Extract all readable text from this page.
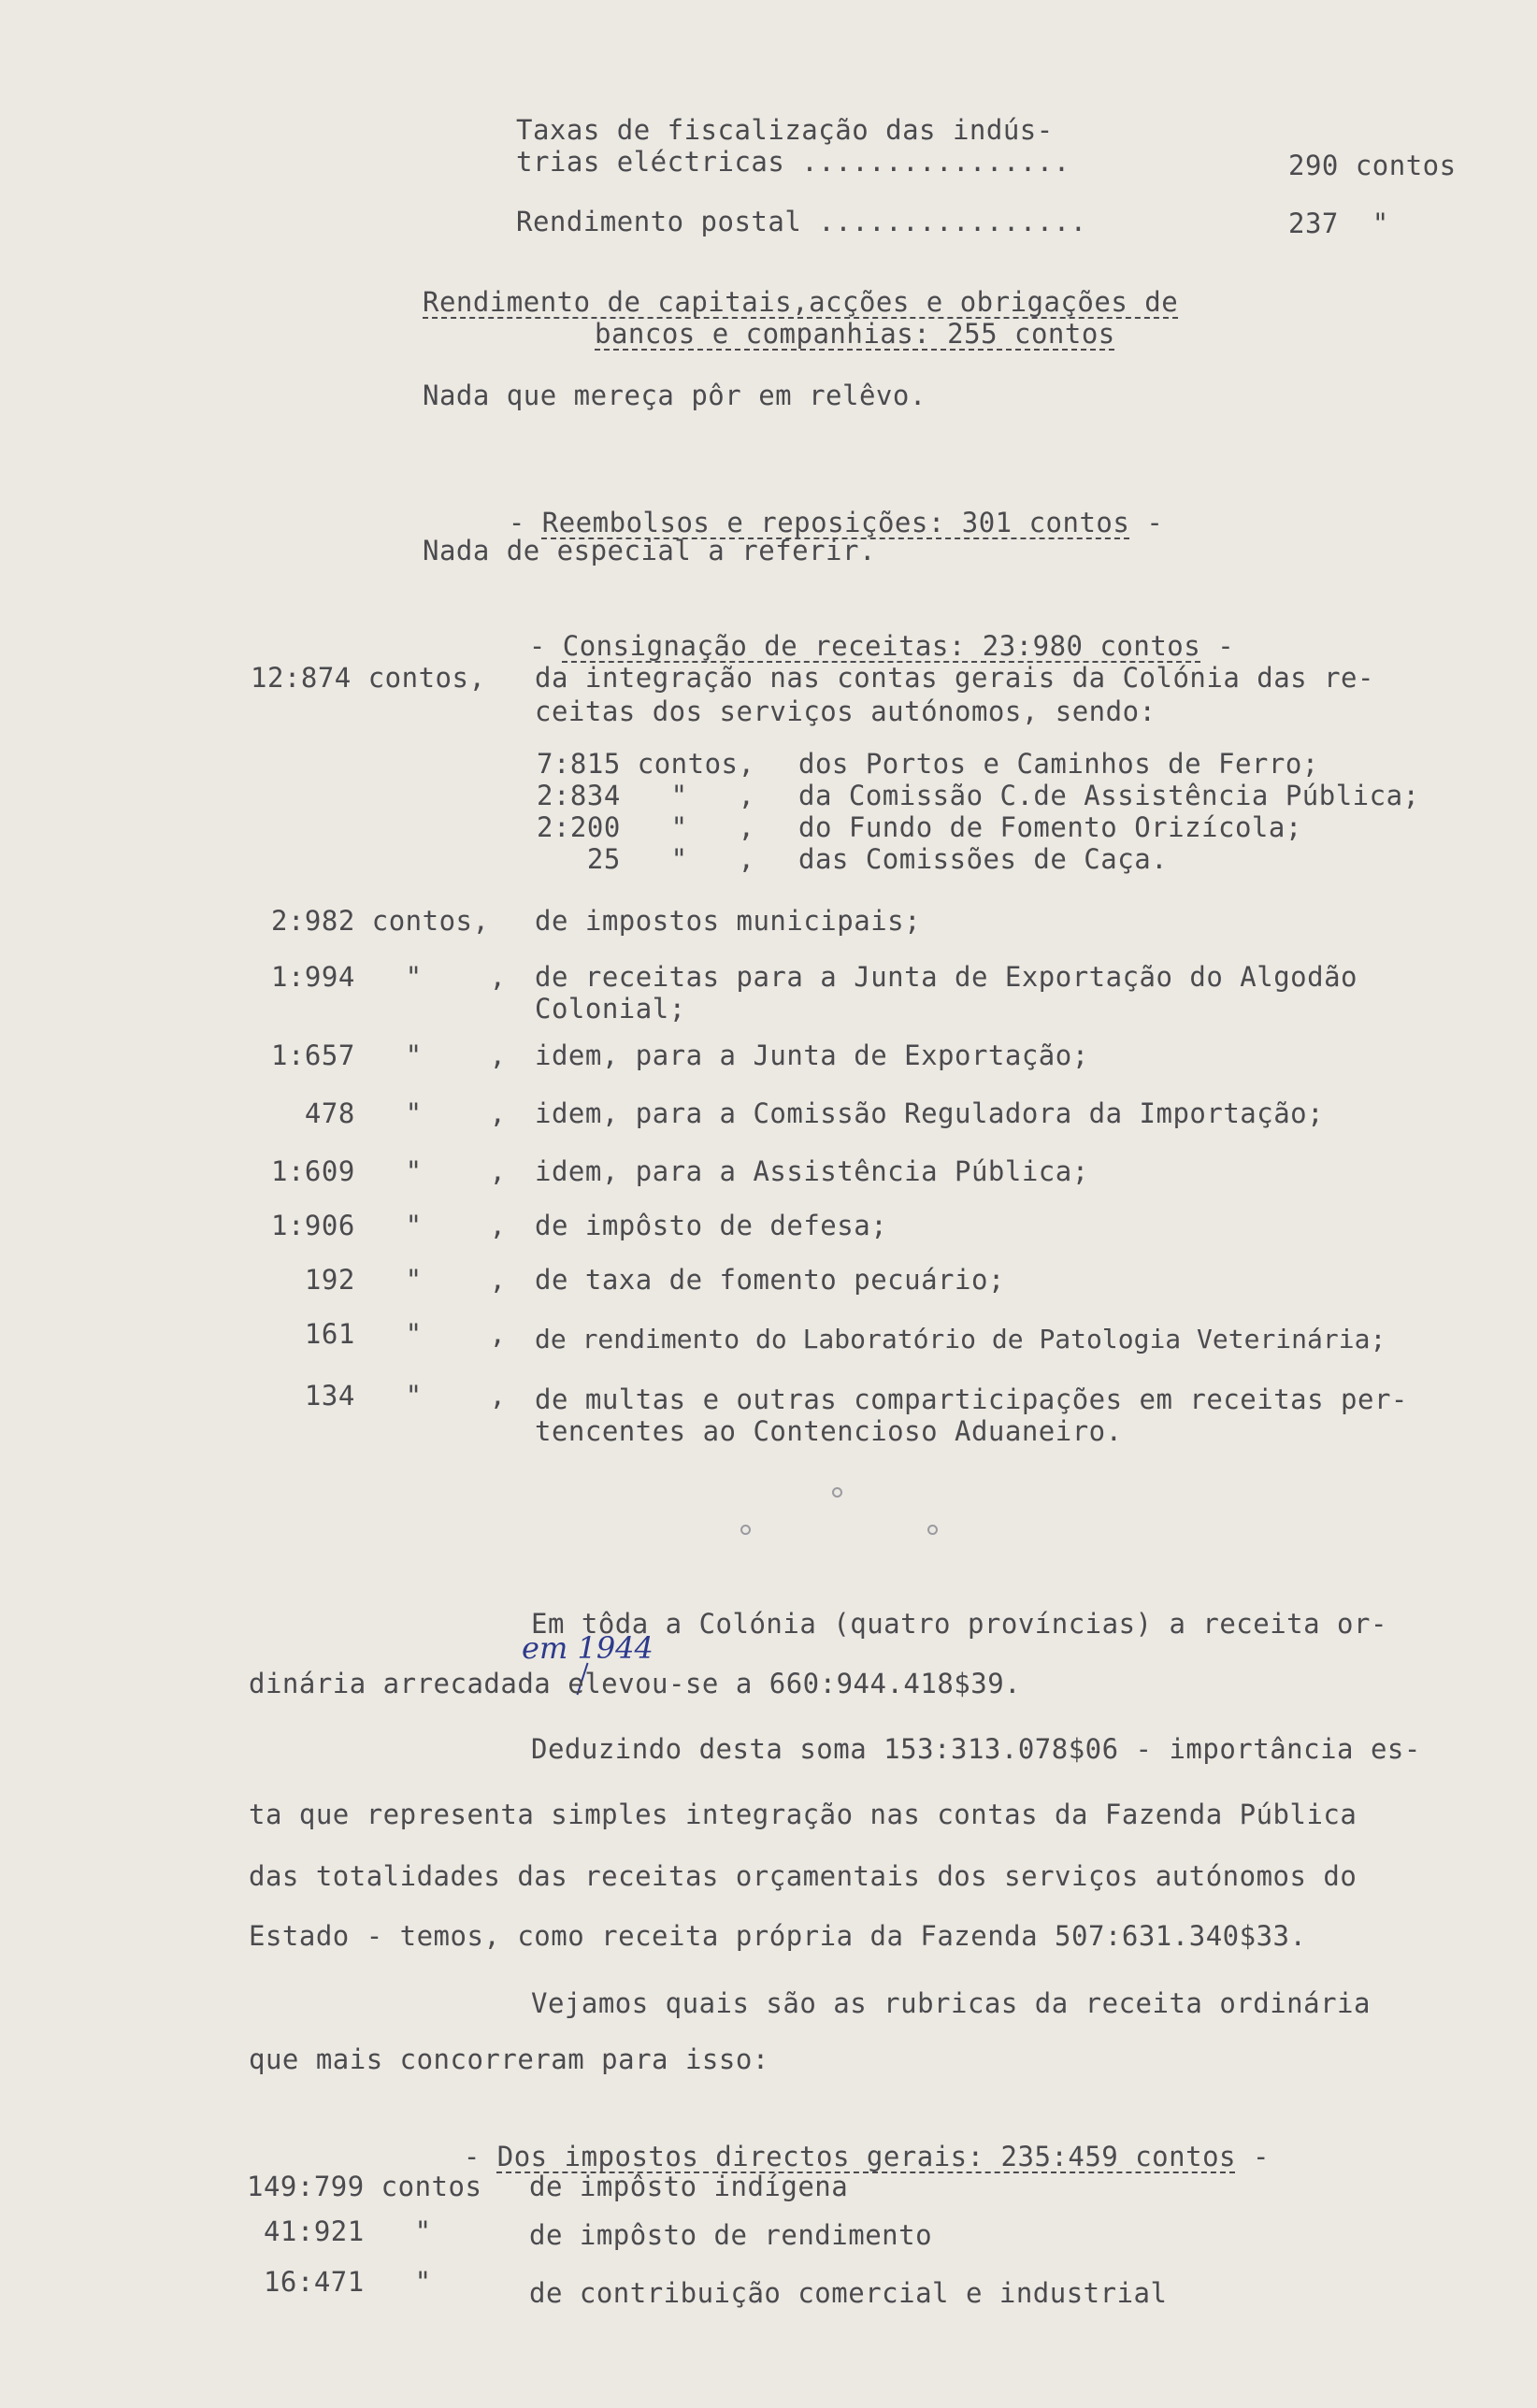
Taxas de fiscalização das indús-
trias eléctricas ................	290 contos
Rendimento postal ................	237  "
Rendimento de capitais,acções e obrigações de
bancos e companhias: 255 contos
Nada que mereça pôr em relêvo.

- Reembolsos e reposições: 301 contos -

Nada de especial a referir.

- Consignação de receitas: 23:980 contos -

12:874 contos, da integração nas contas gerais da Colónia das re-
ceitas dos serviços autónomos, sendo:
7:815 contos, dos Portos e Caminhos de Ferro;
2:834   "   , da Comissão C.de Assistência Pública;
2:200   "   , do Fundo de Fomento Orizícola;
25   "   , das Comissões de Caça.
2:982 contos, de impostos municipais;
1:994   "    , de receitas para a Junta de Exportação do Algodão
Colonial;
1:657   "    , idem, para a Junta de Exportação;
478   "    , idem, para a Comissão Reguladora da Importação;
1:609   "    , idem, para a Assistência Pública;
1:906   "    , de impôsto de defesa;
192   "    , de taxa de fomento pecuário;
161   "    , de rendimento do Laboratório de Patologia Veterinária;
134   "    , de multas e outras comparticipações em receitas per-
tencentes ao Contencioso Aduaneiro.
Em tôda a Colónia (quatro províncias) a receita or-
em 1944
dinária arrecadada elevou-se a 660:944.418$39.
Deduzindo desta soma 153:313.078$06 - importância es-
ta que representa simples integração nas contas da Fazenda Pública
das totalidades das receitas orçamentais dos serviços autónomos do
Estado - temos, como receita própria da Fazenda 507:631.340$33.
Vejamos quais são as rubricas da receita ordinária
que mais concorreram para isso:

- Dos impostos directos gerais: 235:459 contos -

149:799 contos de impôsto indígena
41:921   "	de impôsto de rendimento
16:471   "	de contribuição comercial e industrial
